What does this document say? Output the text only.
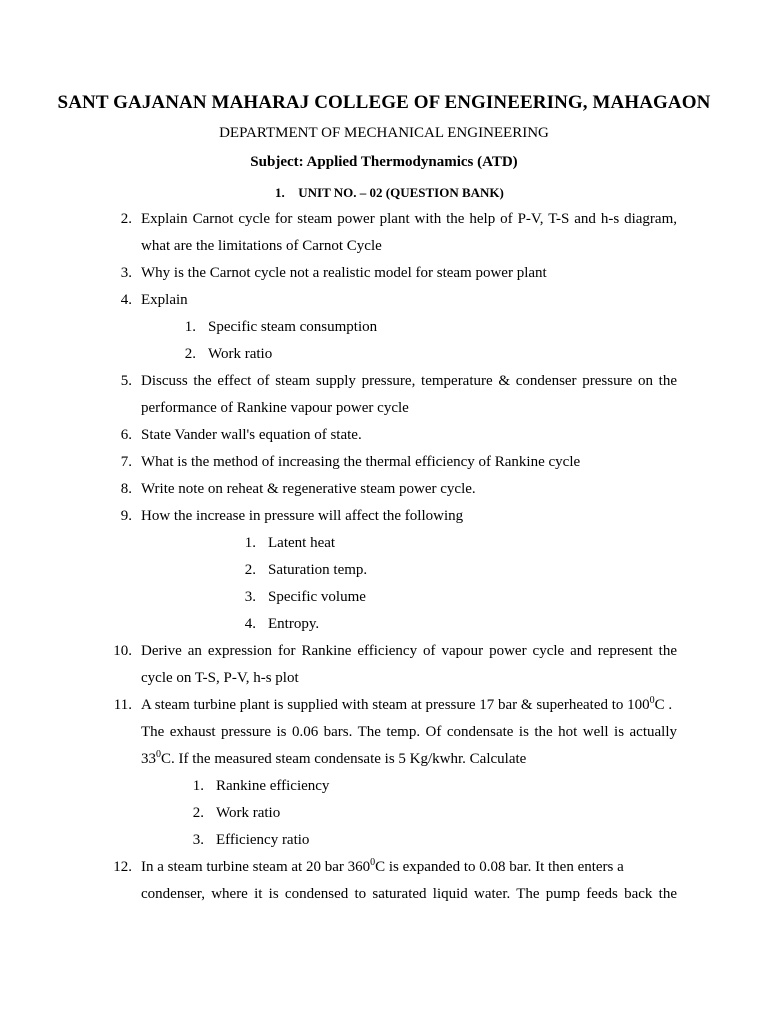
SANT GAJANAN MAHARAJ COLLEGE OF ENGINEERING, MAHAGAON
DEPARTMENT OF MECHANICAL ENGINEERING
Subject: Applied Thermodynamics (ATD)
1. UNIT NO. – 02 (QUESTION BANK)
2. Explain Carnot cycle for steam power plant with the help of P-V, T-S and h-s diagram,
what are the limitations of Carnot Cycle
3. Why is the Carnot cycle not a realistic model for steam power plant
4. Explain
1. Specific steam consumption
2. Work ratio
5. Discuss the effect of steam supply pressure, temperature & condenser pressure on the
performance of Rankine vapour power cycle
6. State Vander wall's equation of state.
7. What is the method of increasing the thermal efficiency of Rankine cycle
8. Write note on reheat & regenerative steam power cycle.
9. How the increase in pressure will affect the following
1. Latent heat
2. Saturation temp.
3. Specific volume
4. Entropy.
10. Derive an expression for Rankine efficiency of vapour power cycle and represent the
cycle on T-S, P-V, h-s plot
11. A steam turbine plant is supplied with steam at pressure 17 bar & superheated to $100^0C$ .
The exhaust pressure is 0.06 bars. The temp. Of condensate is the hot well is actually
$33^0C$. If the measured steam condensate is 5 Kg/kwhr. Calculate
1. Rankine efficiency
2. Work ratio
3. Efficiency ratio
12. In a steam turbine steam at 20 bar $360^0C$ is expanded to 0.08 bar. It then enters a
condenser, where it is condensed to saturated liquid water. The pump feeds back the
